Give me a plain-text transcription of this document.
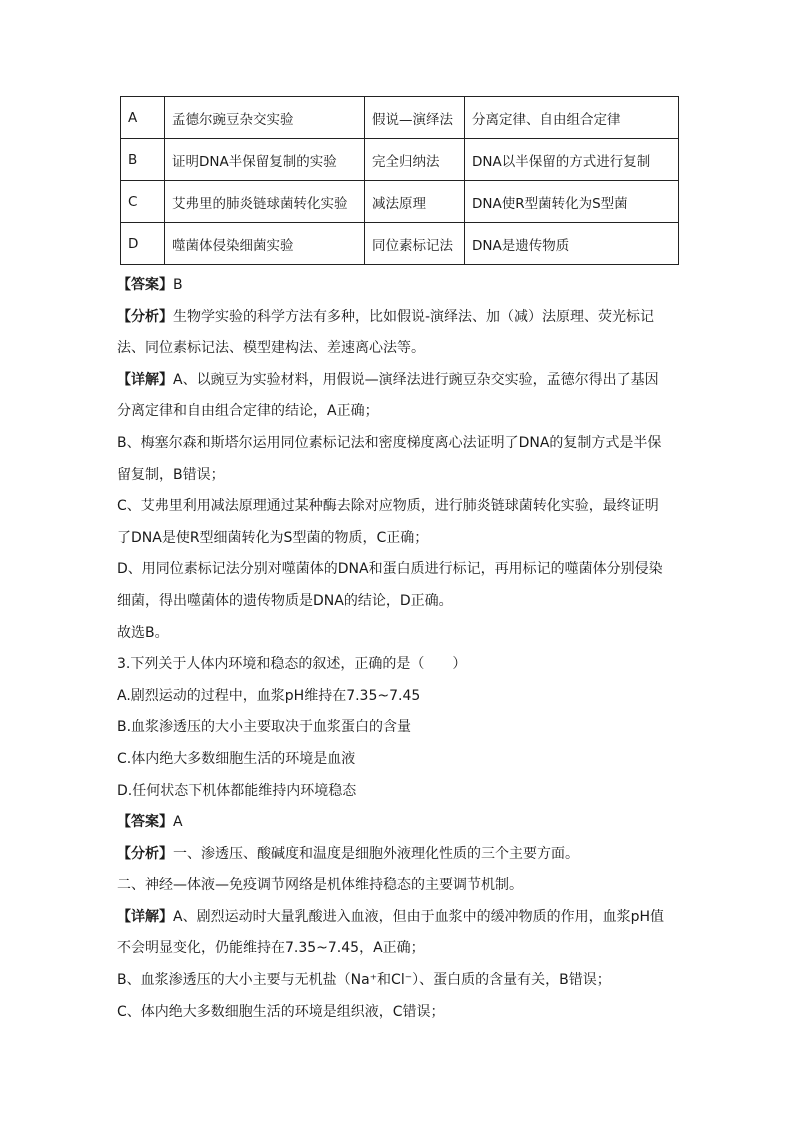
A	孟德尔豌豆杂交实验	假说—演绎法	分离定律、自由组合定律
B	证明DNA半保留复制的实验	完全归纳法	DNA以半保留的方式进行复制
C	艾弗里的肺炎链球菌转化实验	减法原理	DNA使R型菌转化为S型菌
D	噬菌体侵染细菌实验	同位素标记法	DNA是遗传物质
【答案】B
【分析】生物学实验的科学方法有多种，比如假说-演绎法、加（减）法原理、荧光标记
法、同位素标记法、模型建构法、差速离心法等。
【详解】A、以豌豆为实验材料，用假说—演绎法进行豌豆杂交实验，孟德尔得出了基因
分离定律和自由组合定律的结论，A正确；
B、梅塞尔森和斯塔尔运用同位素标记法和密度梯度离心法证明了DNA的复制方式是半保
留复制，B错误；
C、艾弗里利用减法原理通过某种酶去除对应物质，进行肺炎链球菌转化实验，最终证明
了DNA是使R型细菌转化为S型菌的物质，C正确；
D、用同位素标记法分别对噬菌体的DNA和蛋白质进行标记，再用标记的噬菌体分别侵染
细菌，得出噬菌体的遗传物质是DNA的结论，D正确。
故选B。
3.下列关于人体内环境和稳态的叙述，正确的是（　　）
A.剧烈运动的过程中，血浆pH维持在7.35~7.45
B.血浆渗透压的大小主要取决于血浆蛋白的含量
C.体内绝大多数细胞生活的环境是血液
D.任何状态下机体都能维持内环境稳态
【答案】A
【分析】一、渗透压、酸碱度和温度是细胞外液理化性质的三个主要方面。
二、神经—体液—免疫调节网络是机体维持稳态的主要调节机制。
【详解】A、剧烈运动时大量乳酸进入血液，但由于血浆中的缓冲物质的作用，血浆pH值
不会明显变化，仍能维持在7.35~7.45，A正确；
B、血浆渗透压的大小主要与无机盐（Na⁺和Cl⁻）、蛋白质的含量有关，B错误；
C、体内绝大多数细胞生活的环境是组织液，C错误；
